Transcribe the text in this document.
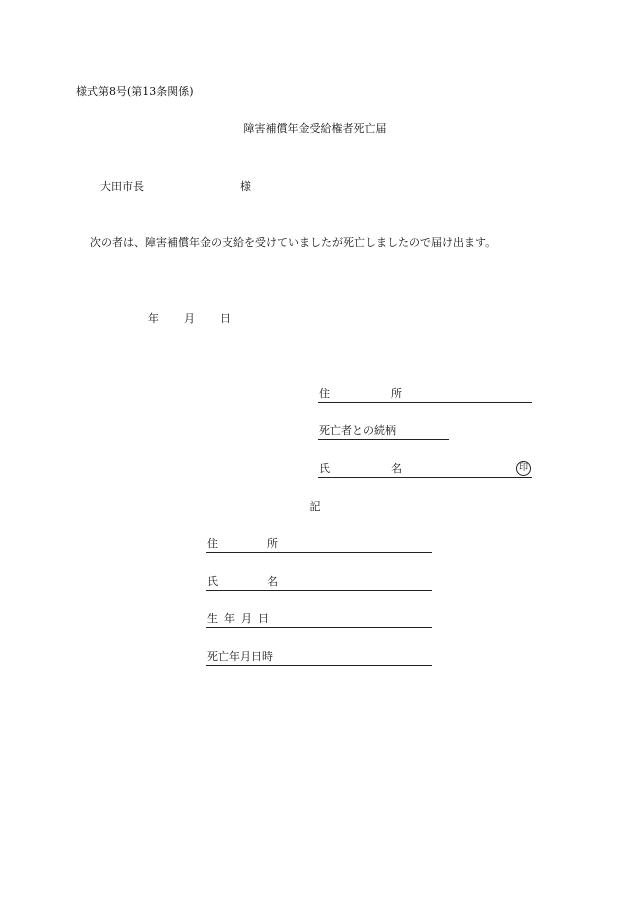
様式第8号(第13条関係)
障害補償年金受給権者死亡届
大田市長	様
次の者は、障害補償年金の支給を受けていましたが死亡しましたので届け出ます。
年 月 日
住	所
死亡者との続柄
氏	名	印
記
住	所
氏	名
生年月日
死亡年月日時
